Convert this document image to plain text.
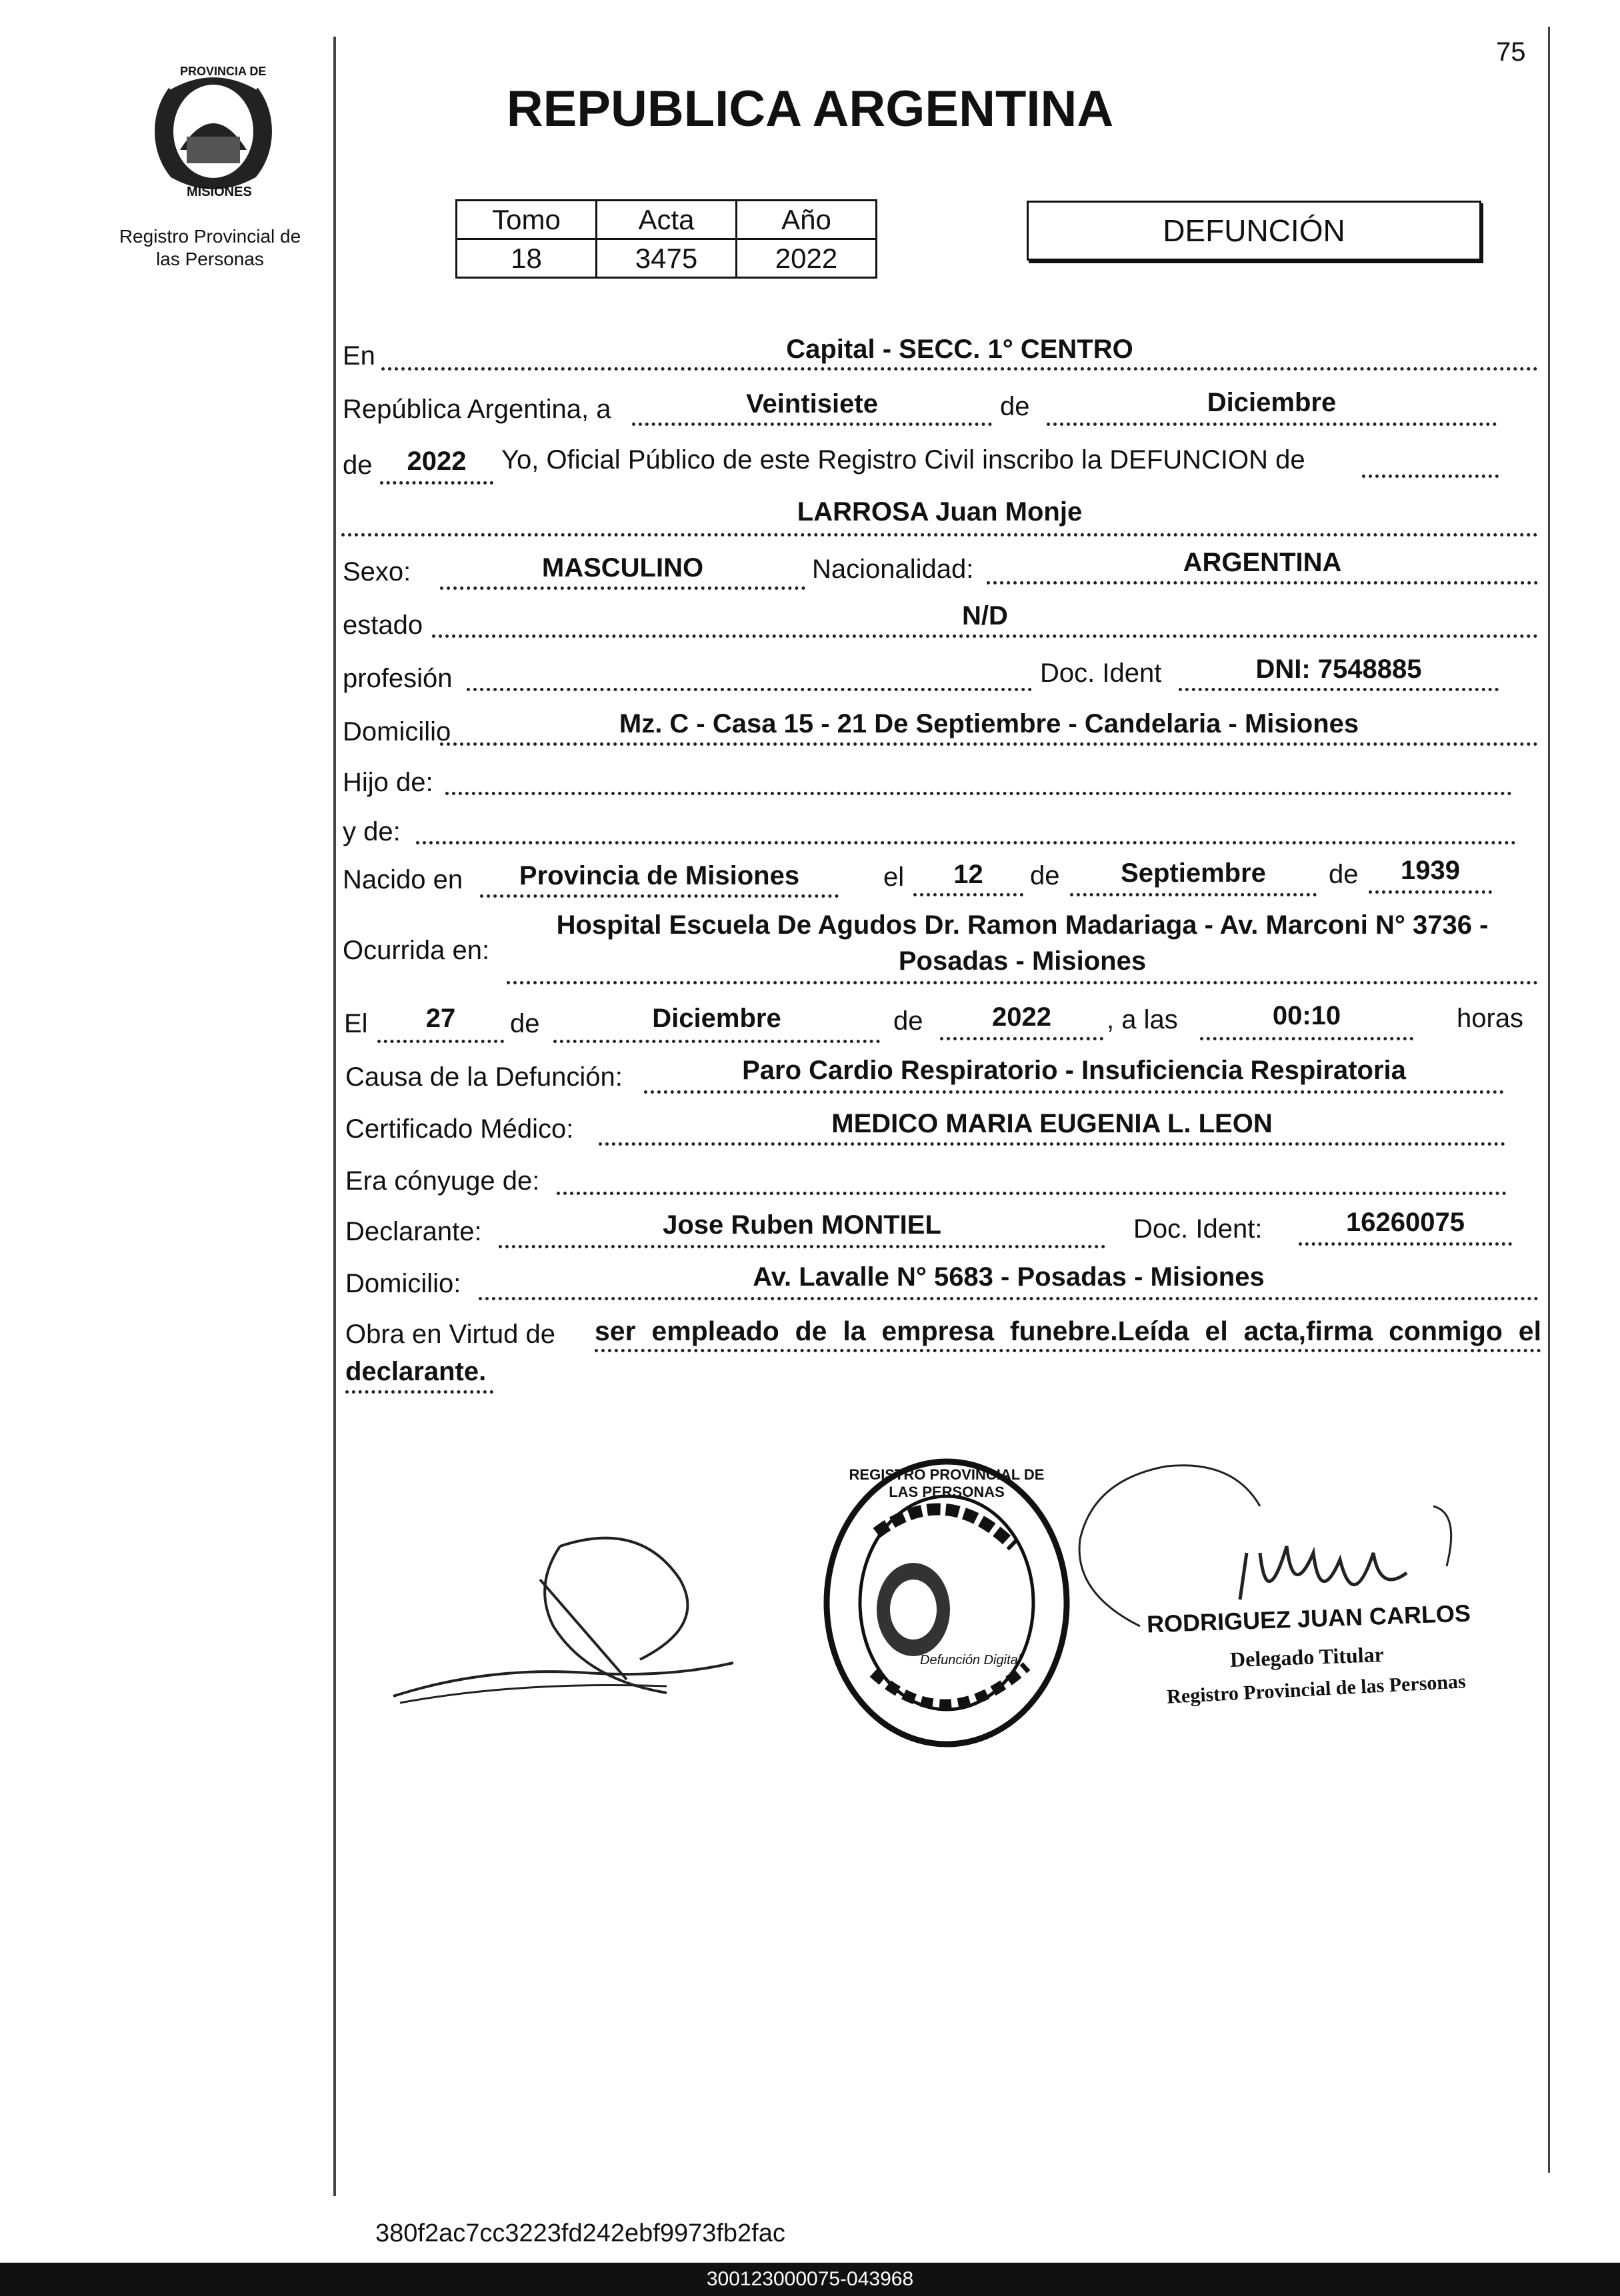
75
PROVINCIA DE
MISIONES
Registro Provincial de
las Personas
REPUBLICA ARGENTINA
Tomo	Acta	Año
18	3475	2022
DEFUNCIÓN
En	Capital - SECC. 1° CENTRO
República Argentina, a	Veintisiete	de	Diciembre
de	2022	Yo, Oficial Público de este Registro Civil inscribo la DEFUNCION de
LARROSA Juan Monje
Sexo:	MASCULINO	Nacionalidad:	ARGENTINA
estado	N/D
profesión	Doc. Ident	DNI: 7548885
Domicilio	Mz. C - Casa 15 - 21 De Septiembre - Candelaria - Misiones
Hijo de:
y de:
Nacido en	Provincia de Misiones	el	12	de	Septiembre	de	1939
Ocurrida en:
Hospital Escuela De Agudos Dr. Ramon Madariaga - Av. Marconi N° 3736 -
Posadas - Misiones
El	27	de	Diciembre	de	2022	, a las	00:10	horas
Causa de la Defunción:	Paro Cardio Respiratorio - Insuficiencia Respiratoria
Certificado Médico:	MEDICO MARIA EUGENIA L. LEON
Era cónyuge de:
Declarante:	Jose Ruben MONTIEL	Doc. Ident:	16260075
Domicilio:	Av. Lavalle N° 5683 - Posadas - Misiones
Obra en Virtud de ser empleado de la empresa funebre.Leída el acta,firma conmigo el
declarante.
REGISTRO PROVINCIAL DE LAS PERSONAS
Defunción Digital
RODRIGUEZ JUAN CARLOS
Delegado Titular
Registro Provincial de las Personas
380f2ac7cc3223fd242ebf9973fb2fac
300123000075-043968
